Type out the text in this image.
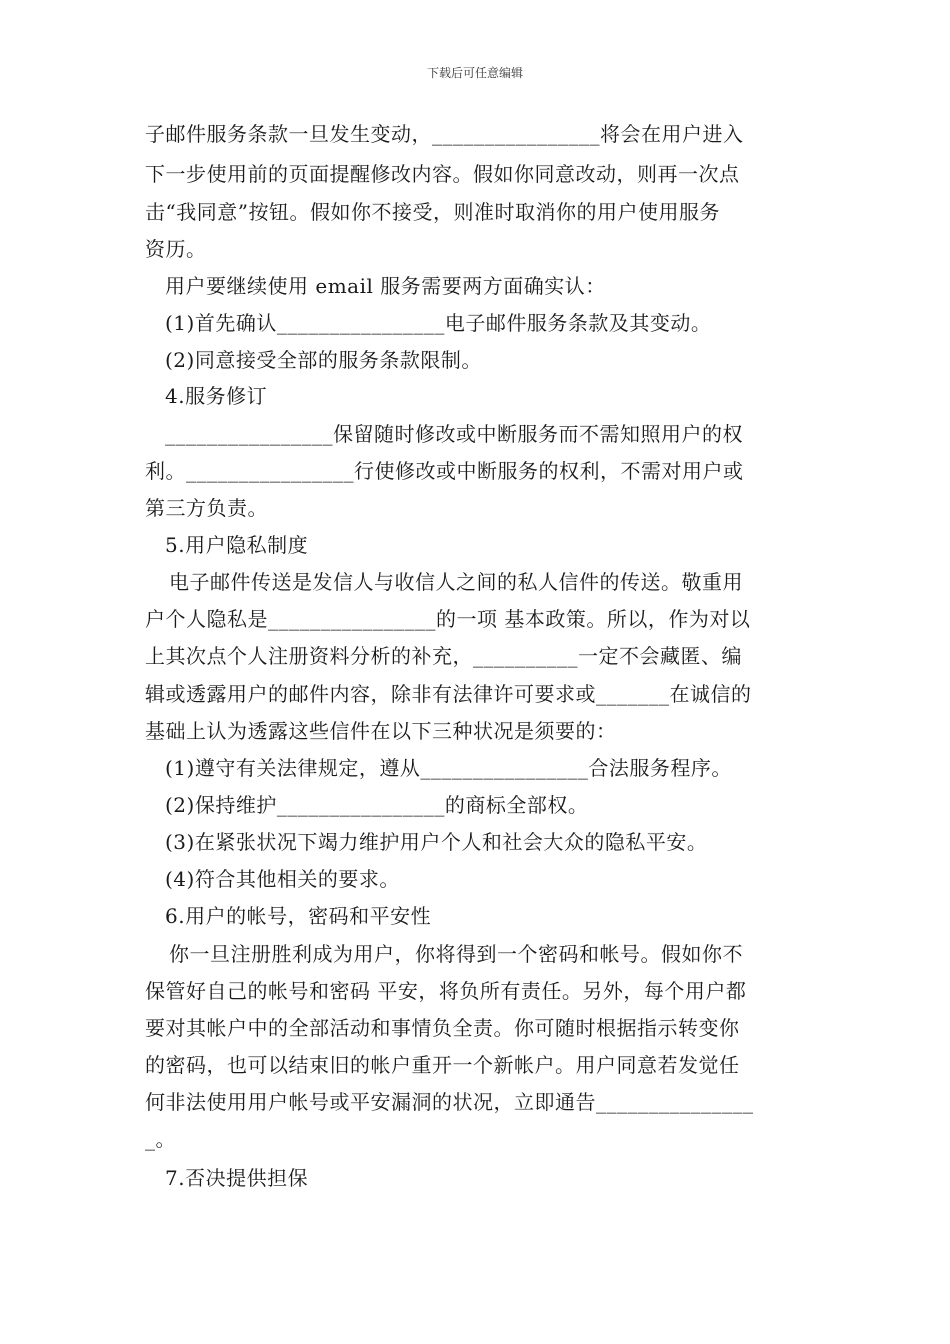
下载后可任意编辑
子邮件服务条款一旦发生变动，________________将会在用户进入
下一步使用前的页面提醒修改内容。假如你同意改动，则再一次点
击“我同意”按钮。假如你不接受，则准时取消你的用户使用服务
资历。
用户要继续使用 email 服务需要两方面确实认：
(1)首先确认________________电子邮件服务条款及其变动。
(2)同意接受全部的服务条款限制。
4.服务修订
________________保留随时修改或中断服务而不需知照用户的权
利。________________行使修改或中断服务的权利，不需对用户或
第三方负责。
5.用户隐私制度
电子邮件传送是发信人与收信人之间的私人信件的传送。敬重用
户个人隐私是________________的一项 基本政策。所以，作为对以
上其次点个人注册资料分析的补充，__________一定不会藏匿、编
辑或透露用户的邮件内容，除非有法律许可要求或_______在诚信的
基础上认为透露这些信件在以下三种状况是须要的：
(1)遵守有关法律规定，遵从________________合法服务程序。
(2)保持维护________________的商标全部权。
(3)在紧张状况下竭力维护用户个人和社会大众的隐私平安。
(4)符合其他相关的要求。
6.用户的帐号，密码和平安性
你一旦注册胜利成为用户，你将得到一个密码和帐号。假如你不
保管好自己的帐号和密码 平安，将负所有责任。另外，每个用户都
要对其帐户中的全部活动和事情负全责。你可随时根据指示转变你
的密码，也可以结束旧的帐户重开一个新帐户。用户同意若发觉任
何非法使用用户帐号或平安漏洞的状况，立即通告_______________
_。
7.否决提供担保
